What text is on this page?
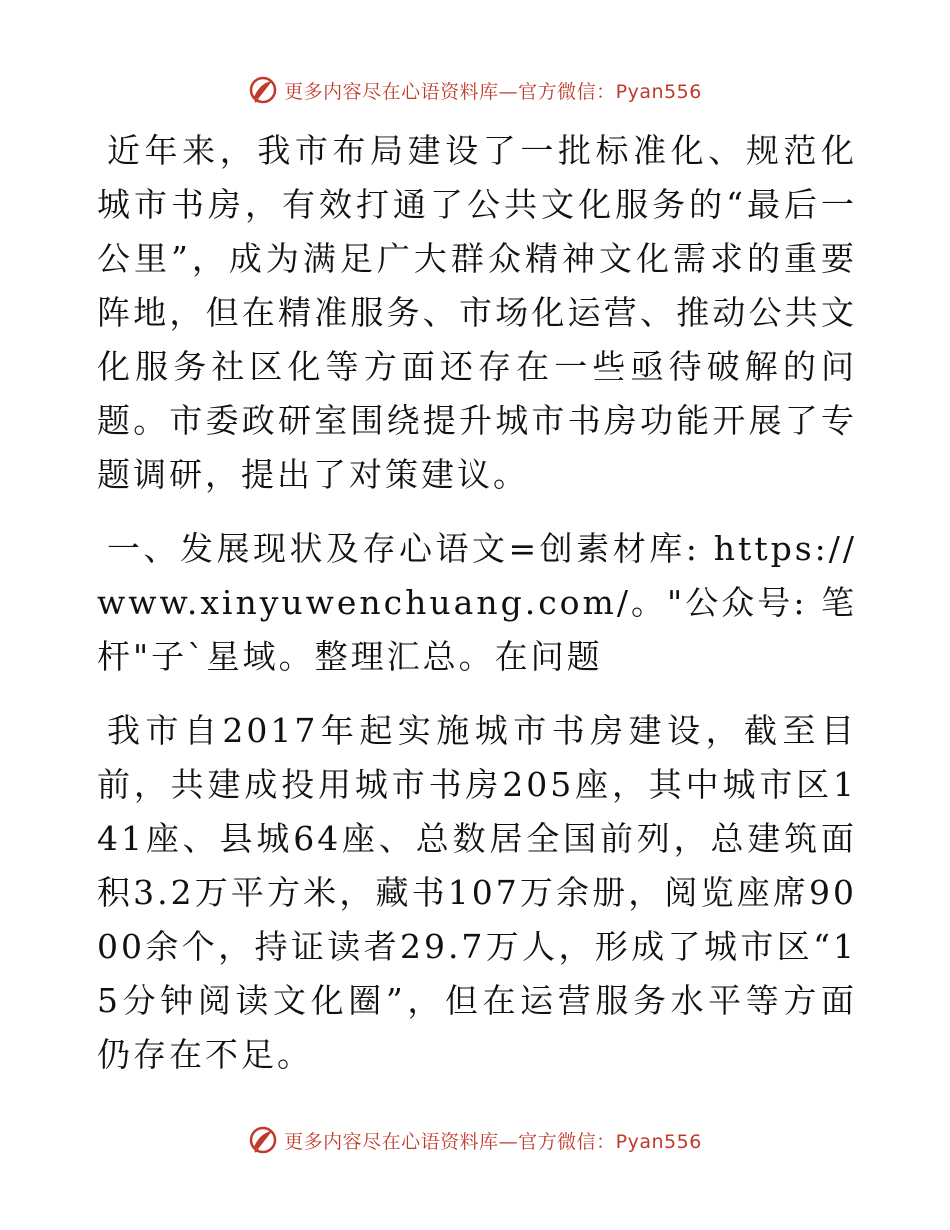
更多内容尽在心语资料库—官方微信：Pyan556

近年来，我市布局建设了一批标准化、规范化城市书房，有效打通了公共文化服务的“最后一公里”，成为满足广大群众精神文化需求的重要阵地，但在精准服务、市场化运营、推动公共文化服务社区化等方面还存在一些亟待破解的问题。市委政研室围绕提升城市书房功能开展了专题调研，提出了对策建议。

一、发展现状及存心语文=创素材库: https://www.xinyuwenchuang.com/。"公众号: 笔杆"子`星域。整理汇总。在问题

我市自2017年起实施城市书房建设，截至目前，共建成投用城市书房205座，其中城市区141座、县城64座、总数居全国前列，总建筑面积3.2万平方米，藏书107万余册，阅览座席9000余个，持证读者29.7万人，形成了城市区“15分钟阅读文化圈”，但在运营服务水平等方面仍存在不足。

更多内容尽在心语资料库—官方微信：Pyan556
